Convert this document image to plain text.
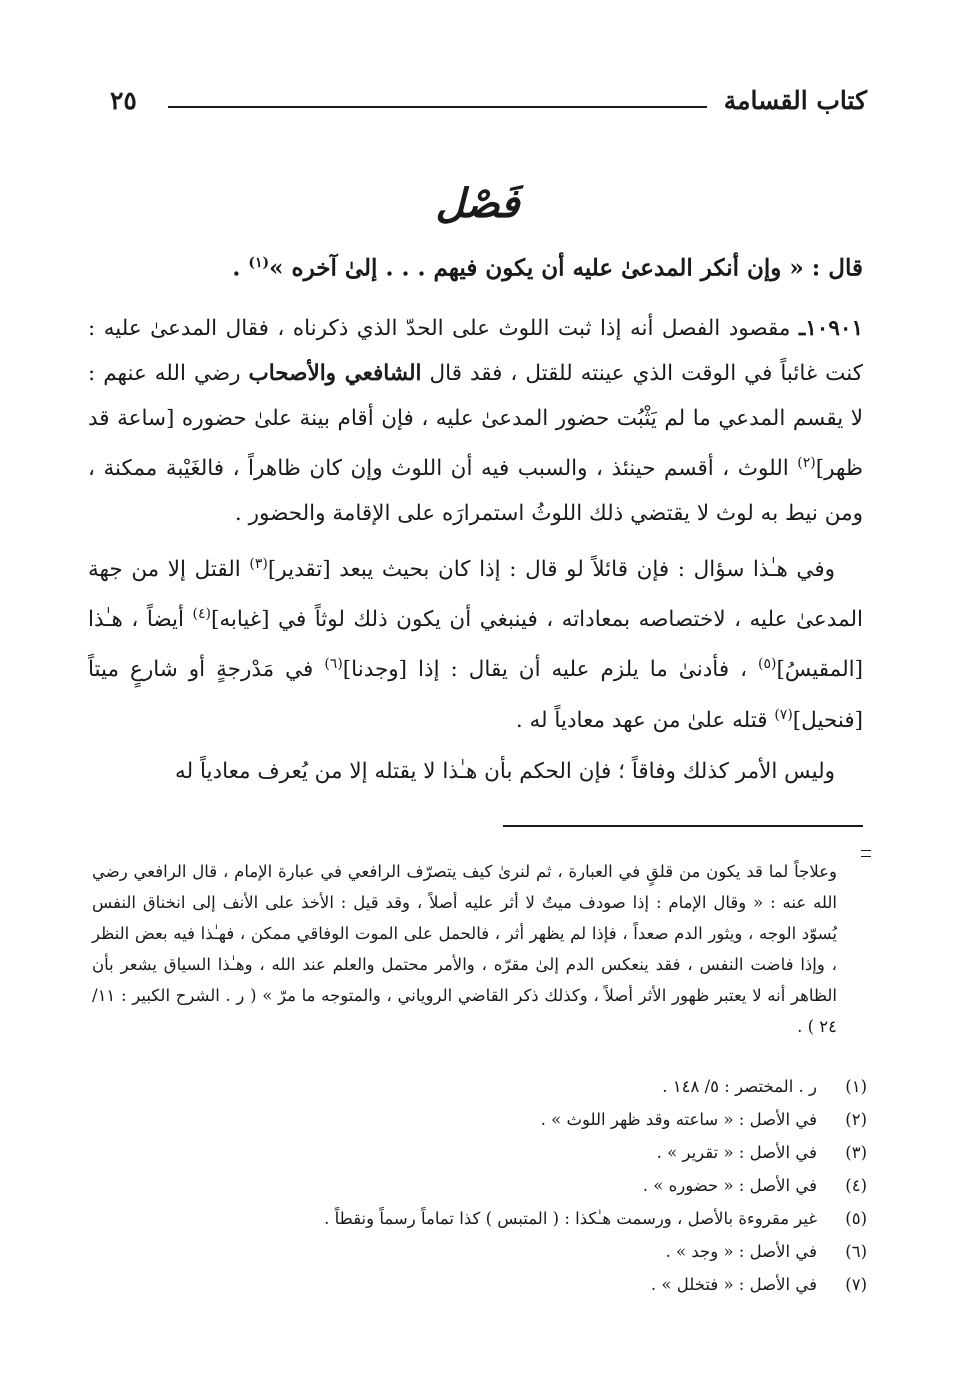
كتاب القسامة
٢٥
فَصْل
قال : « وإن أنكر المدعىٰ عليه أن يكون فيهم . . . إلىٰ آخره »$^{(١)}$ .

١٠٩٠١ـ مقصود الفصل أنه إذا ثبت اللوث على الحدّ الذي ذكرناه ، فقال المدعىٰ عليه : كنت غائباً في الوقت الذي عينته للقتل ، فقد قال الشافعي والأصحاب رضي الله عنهم : لا يقسم المدعي ما لم يَثْبُت حضور المدعىٰ عليه ، فإن أقام بينة علىٰ حضوره [ساعة قد ظهر]$^{(٢)}$ اللوث ، أقسم حينئذ ، والسبب فيه أن اللوث وإن كان ظاهراً ، فالغَيْبة ممكنة ، ومن نيط به لوث لا يقتضي ذلك اللوثُ استمرارَه على الإقامة والحضور .

وفي هـٰذا سؤال : فإن قائلاً لو قال : إذا كان بحيث يبعد [تقدير]$^{(٣)}$ القتل إلا من جهة المدعىٰ عليه ، لاختصاصه بمعاداته ، فينبغي أن يكون ذلك لوثاً في [غيابه]$^{(٤)}$ أيضاً ، هـٰذا [المقيسُ]$^{(٥)}$ ، فأدنىٰ ما يلزم عليه أن يقال : إذا [وجدنا]$^{(٦)}$ في مَدْرجةٍ أو شارعٍ ميتاً [فنحيل]$^{(٧)}$ قتله علىٰ من عهد معادياً له .

وليس الأمر كذلك وفاقاً ؛ فإن الحكم بأن هـٰذا لا يقتله إلا من يُعرف معادياً له

وعلاجاً لما قد يكون من قلقٍ في العبارة ، ثم لنرىٰ كيف يتصرّف الرافعي في عبارة الإمام ، قال الرافعي رضي الله عنه : « وقال الإمام : إذا صودف ميتٌ لا أثر عليه أصلاً ، وقد قيل : الأخذ على الأنف إلى انخناق النفس يُسوّد الوجه ، ويثور الدم صعداً ، فإذا لم يظهر أثر ، فالحمل على الموت الوفاقي ممكن ، فهـٰذا فيه بعض النظر ، وإذا فاضت النفس ، فقد ينعكس الدم إلىٰ مقرّه ، والأمر محتمل والعلم عند الله ، وهـٰذا السياق يشعر بأن الظاهر أنه لا يعتبر ظهور الأثر أصلاً ، وكذلك ذكر القاضي الروياني ، والمتوجه ما مرّ » ( ر . الشرح الكبير : ١١/ ٢٤ ) .

(١)
ر . المختصر : ٥/ ١٤٨ .
(٢)
في الأصل : « ساعته وقد ظهر اللوث » .
(٣)
في الأصل : « تقرير » .
(٤)
في الأصل : « حضوره » .
(٥)
غير مقروءة بالأصل ، ورسمت هـٰكذا : ( المتبس ) كذا تماماً رسماً ونقطاً .
(٦)
في الأصل : « وجد » .
(٧)
في الأصل : « فتخلل » .
